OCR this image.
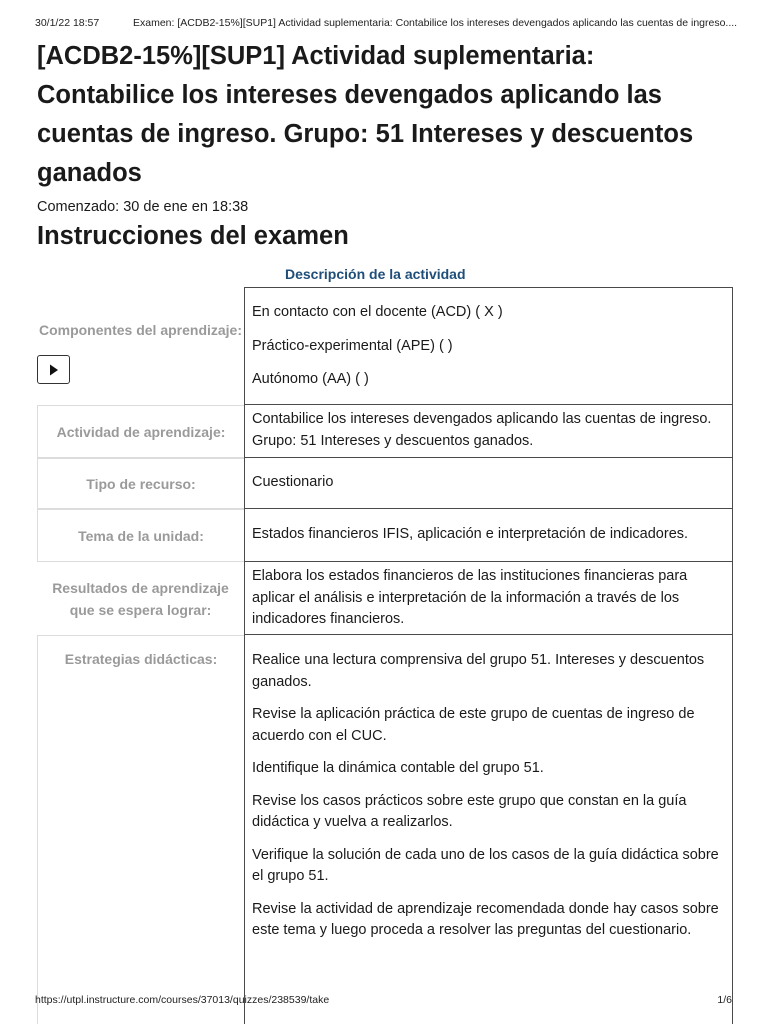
30/1/22 18:57	Examen: [ACDB2-15%][SUP1] Actividad suplementaria: Contabilice los intereses devengados aplicando las cuentas de ingreso....
[ACDB2-15%][SUP1] Actividad suplementaria: Contabilice los intereses devengados aplicando las cuentas de ingreso. Grupo: 51 Intereses y descuentos ganados
Comenzado: 30 de ene en 18:38
Instrucciones del examen
Descripción de la actividad
Componentes del aprendizaje:

En contacto con el docente (ACD) ( X )

Práctico-experimental (APE) ( )

Autónomo (AA) ( )

Actividad de aprendizaje:
Contabilice los intereses devengados aplicando las cuentas de ingreso. Grupo: 51 Intereses y descuentos ganados.
Tipo de recurso:	Cuestionario
Tema de la unidad:	Estados financieros IFIS, aplicación e interpretación de indicadores.
Resultados de aprendizaje que se espera lograr:
Elabora los estados financieros de las instituciones financieras para aplicar el análisis e interpretación de la información a través de los indicadores financieros.
Estrategias didácticas:	Realice una lectura comprensiva del grupo 51. Intereses y descuentos ganados.

Revise la aplicación práctica de este grupo de cuentas de ingreso de acuerdo con el CUC.

Identifique la dinámica contable del grupo 51.

Revise los casos prácticos sobre este grupo que constan en la guía didáctica y vuelva a realizarlos.

Verifique la solución de cada uno de los casos de la guía didáctica sobre el grupo 51.

Revise la actividad de aprendizaje recomendada donde hay casos sobre este tema y luego proceda a resolver las preguntas del cuestionario.

https://utpl.instructure.com/courses/37013/quizzes/238539/take	1/6
